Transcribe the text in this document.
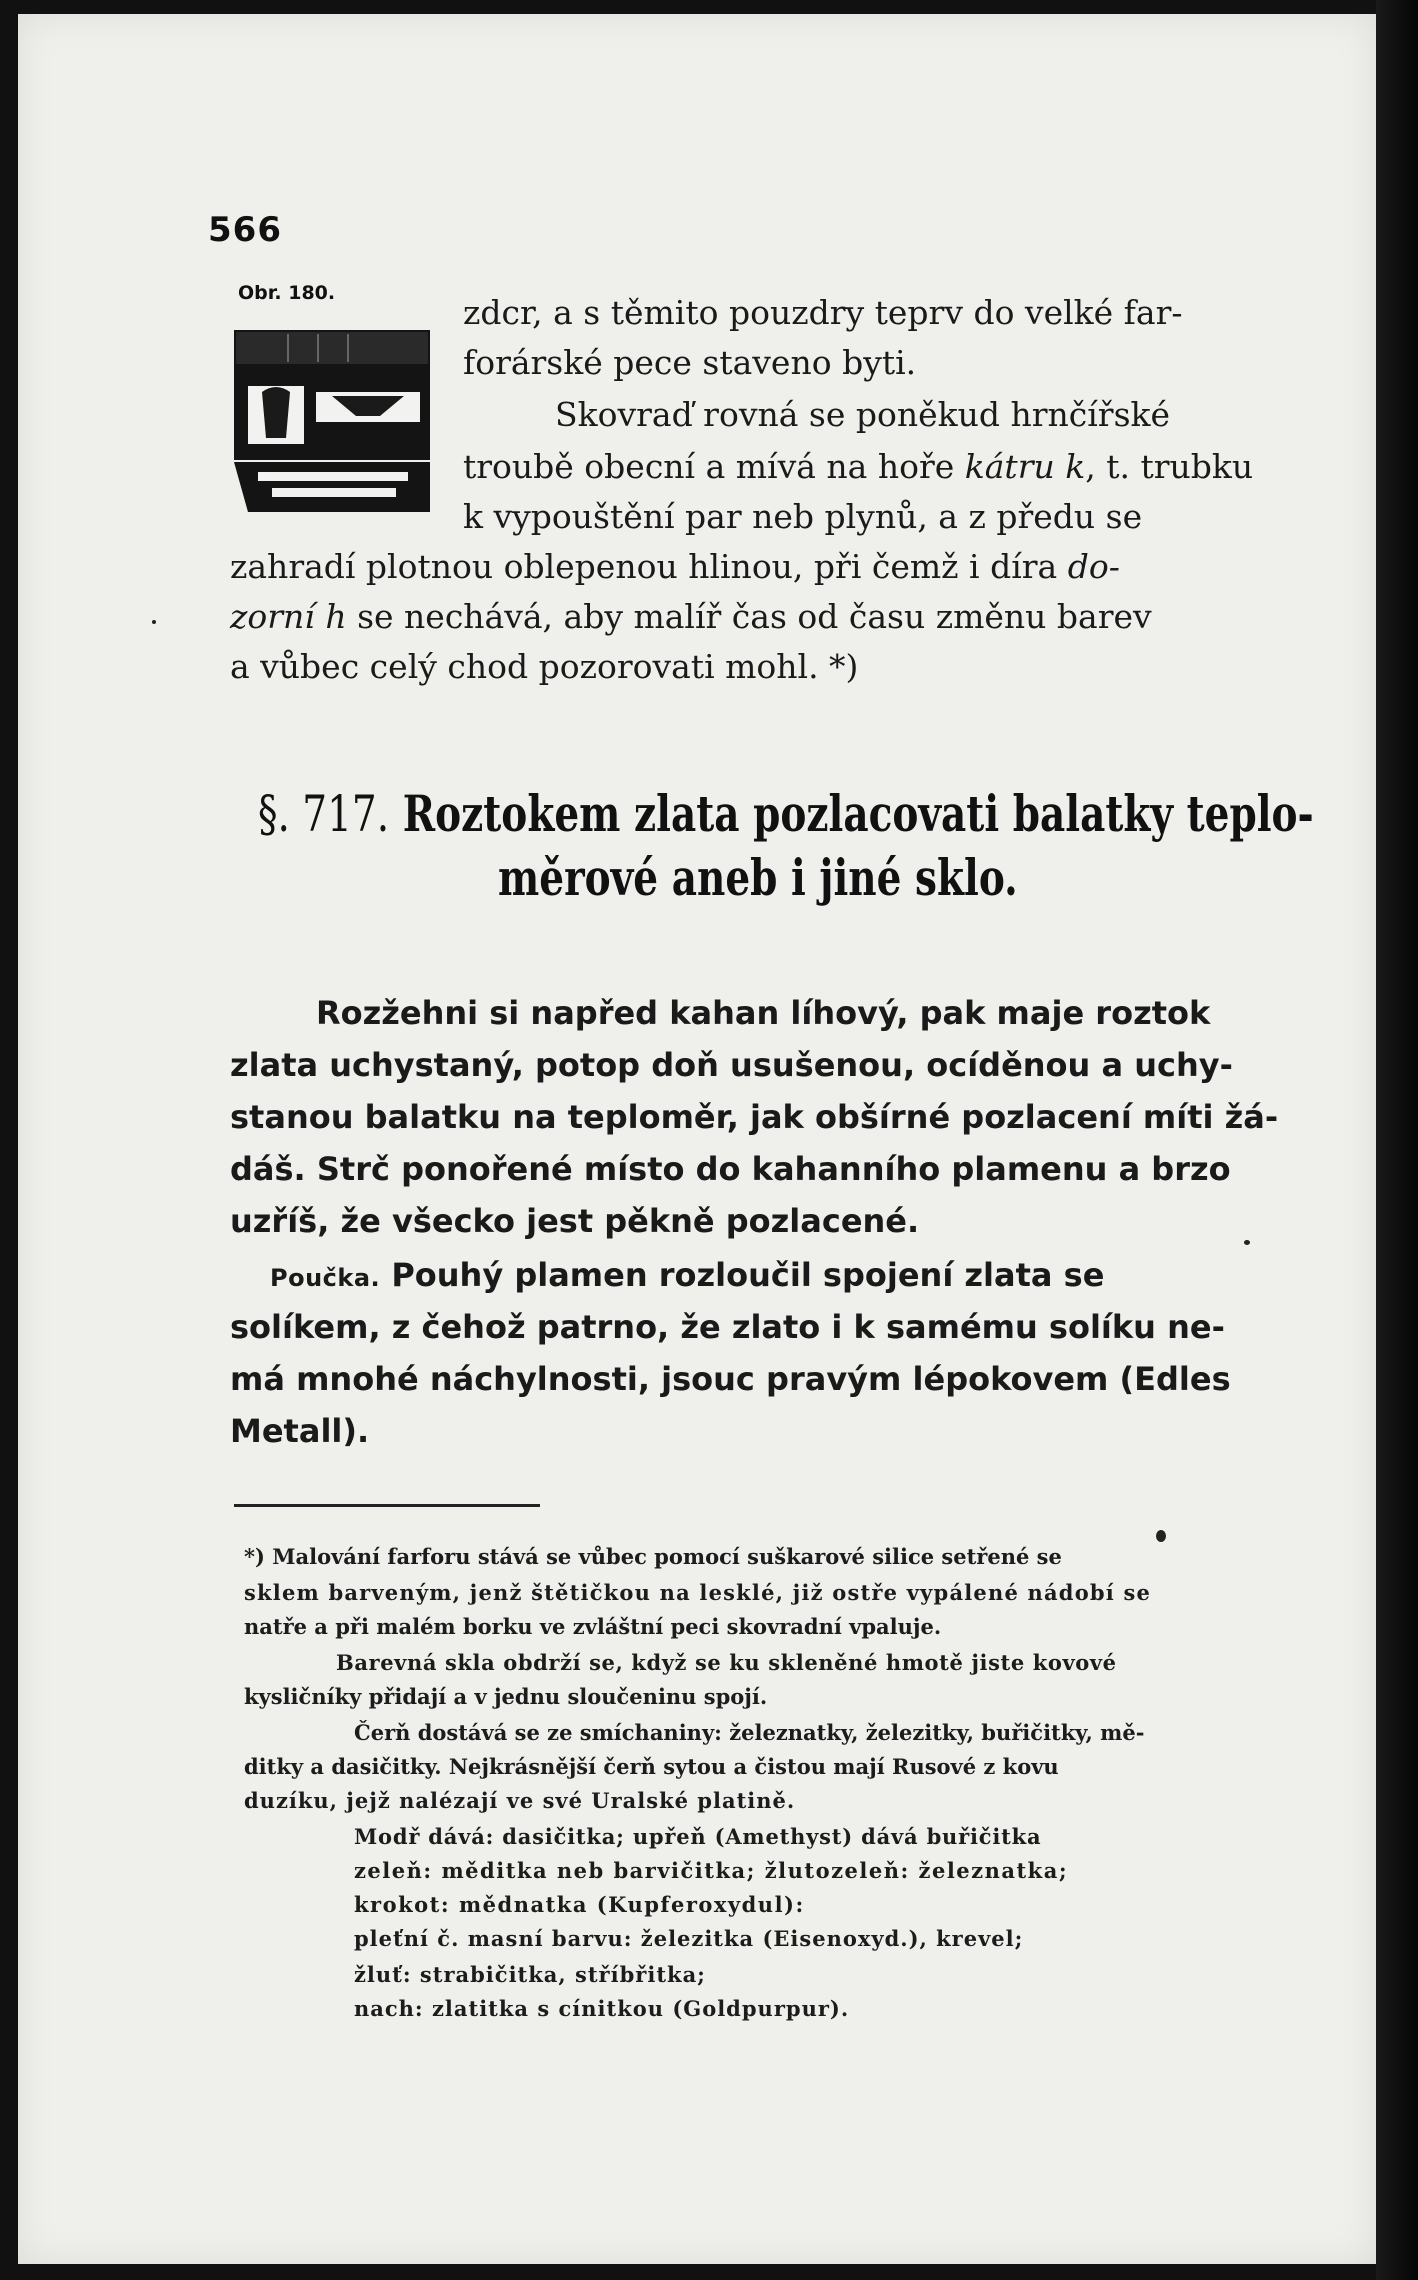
566
Obr. 180.	zdcr, a s těmito pouzdry teprv do velké far-
forárské pece staveno byti.
Skovraď rovná se poněkud hrnčířské
troubě obecní a mívá na hoře kátru k, t. trubku
k vypouštění par neb plynů, a z předu se
zahradí plotnou oblepenou hlinou, při čemž i díra do-
zorní h se nechává, aby malíř čas od času změnu barev
a vůbec celý chod pozorovati mohl. *)
§. 717. Roztokem zlata pozlacovati balatky teplo-
měrové aneb i jiné sklo.
Rozžehni si napřed kahan líhový, pak maje roztok
zlata uchystaný, potop doň usušenou, ocíděnou a uchy-
stanou balatku na teploměr, jak obšírné pozlacení míti žá-
dáš. Strč ponořené místo do kahanního plamenu a brzo
uzříš, že všecko jest pěkně pozlacené.
Poučka. Pouhý plamen rozloučil spojení zlata se
solíkem, z čehož patrno, že zlato i k samému solíku ne-
má mnohé náchylnosti, jsouc pravým lépokovem (Edles
Metall).
*) Malování farforu stává se vůbec pomocí suškarové silice setřené se
sklem barveným, jenž štětičkou na lesklé, již ostře vypálené nádobí se
natře a při malém borku ve zvláštní peci skovradní vpaluje.
Barevná skla obdrží se, když se ku skleněné hmotě jiste kovové
kysličníky přidají a v jednu sloučeninu spojí.
Čerň dostává se ze smíchaniny: železnatky, železitky, buřičitky, mě-
ditky a dasičitky. Nejkrásnější čerň sytou a čistou mají Rusové z kovu
duzíku, jejž nalézají ve své Uralské platině.
Modř dává: dasičitka; upřeň (Amethyst) dává buřičitka
zeleň: měditka neb barvičitka; žlutozeleň: železnatka;
krokot: mědnatka (Kupferoxydul):
pleťní č. masní barvu: železitka (Eisenoxyd.), krevel;
žluť: strabičitka, stříbřitka;
nach: zlatitka s cínitkou (Goldpurpur).
